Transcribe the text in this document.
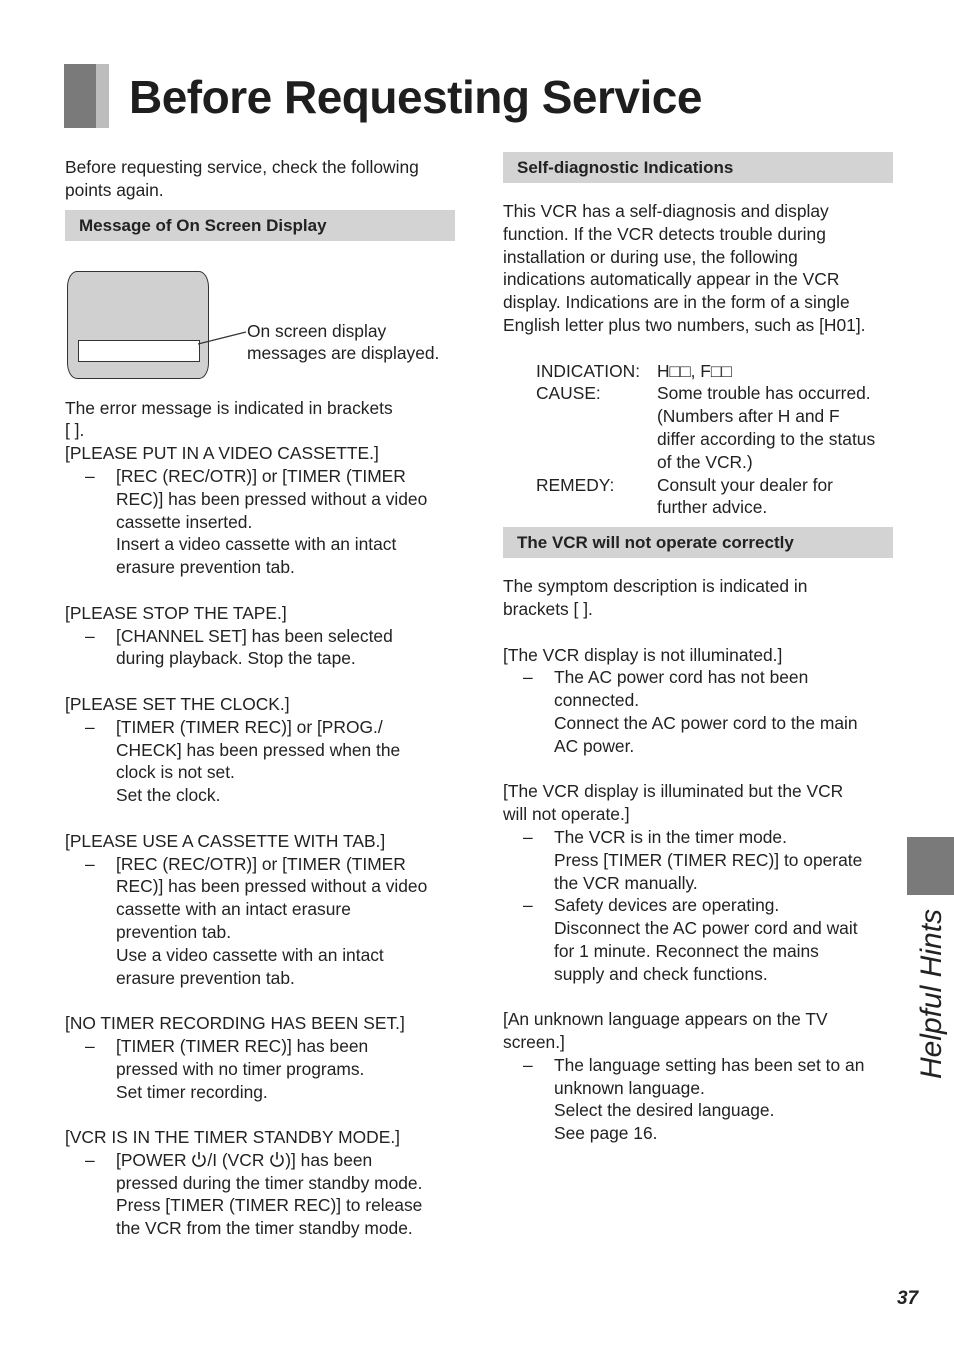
Before Requesting Service
Before requesting service, check the following
points again.
Message of On Screen Display
On screen display
messages are displayed.
The error message is indicated in brackets
[ ].
[PLEASE PUT IN A VIDEO CASSETTE.]
– [REC (REC/OTR)] or [TIMER (TIMER
REC)] has been pressed without a video
cassette inserted.
Insert a video cassette with an intact
erasure prevention tab.
[PLEASE STOP THE TAPE.]
– [CHANNEL SET] has been selected
during playback. Stop the tape.
[PLEASE SET THE CLOCK.]
– [TIMER (TIMER REC)] or [PROG./
CHECK] has been pressed when the
clock is not set.
Set the clock.
[PLEASE USE A CASSETTE WITH TAB.]
– [REC (REC/OTR)] or [TIMER (TIMER
REC)] has been pressed without a video
cassette with an intact erasure
prevention tab.
Use a video cassette with an intact
erasure prevention tab.
[NO TIMER RECORDING HAS BEEN SET.]
– [TIMER (TIMER REC)] has been
pressed with no timer programs.
Set timer recording.
[VCR IS IN THE TIMER STANDBY MODE.]
– [POWER /I (VCR )] has been
pressed during the timer standby mode.
Press [TIMER (TIMER REC)] to release
the VCR from the timer standby mode.
Self-diagnostic Indications
This VCR has a self-diagnosis and display
function. If the VCR detects trouble during
installation or during use, the following
indications automatically appear in the VCR
display. Indications are in the form of a single
English letter plus two numbers, such as [H01].
INDICATION: H□□, F□□
CAUSE:	Some trouble has occurred.
(Numbers after H and F
differ according to the status
of the VCR.)
REMEDY:	Consult your dealer for
further advice.
The VCR will not operate correctly
The symptom description is indicated in
brackets [ ].
[The VCR display is not illuminated.]
– The AC power cord has not been
connected.
Connect the AC power cord to the main
AC power.
[The VCR display is illuminated but the VCR
will not operate.]
– The VCR is in the timer mode.
Press [TIMER (TIMER REC)] to operate
the VCR manually.
– Safety devices are operating.
Disconnect the AC power cord and wait
for 1 minute. Reconnect the mains
supply and check functions.
[An unknown language appears on the TV
screen.]
– The language setting has been set to an
unknown language.
Select the desired language.
See page 16.
Helpful Hints
37
